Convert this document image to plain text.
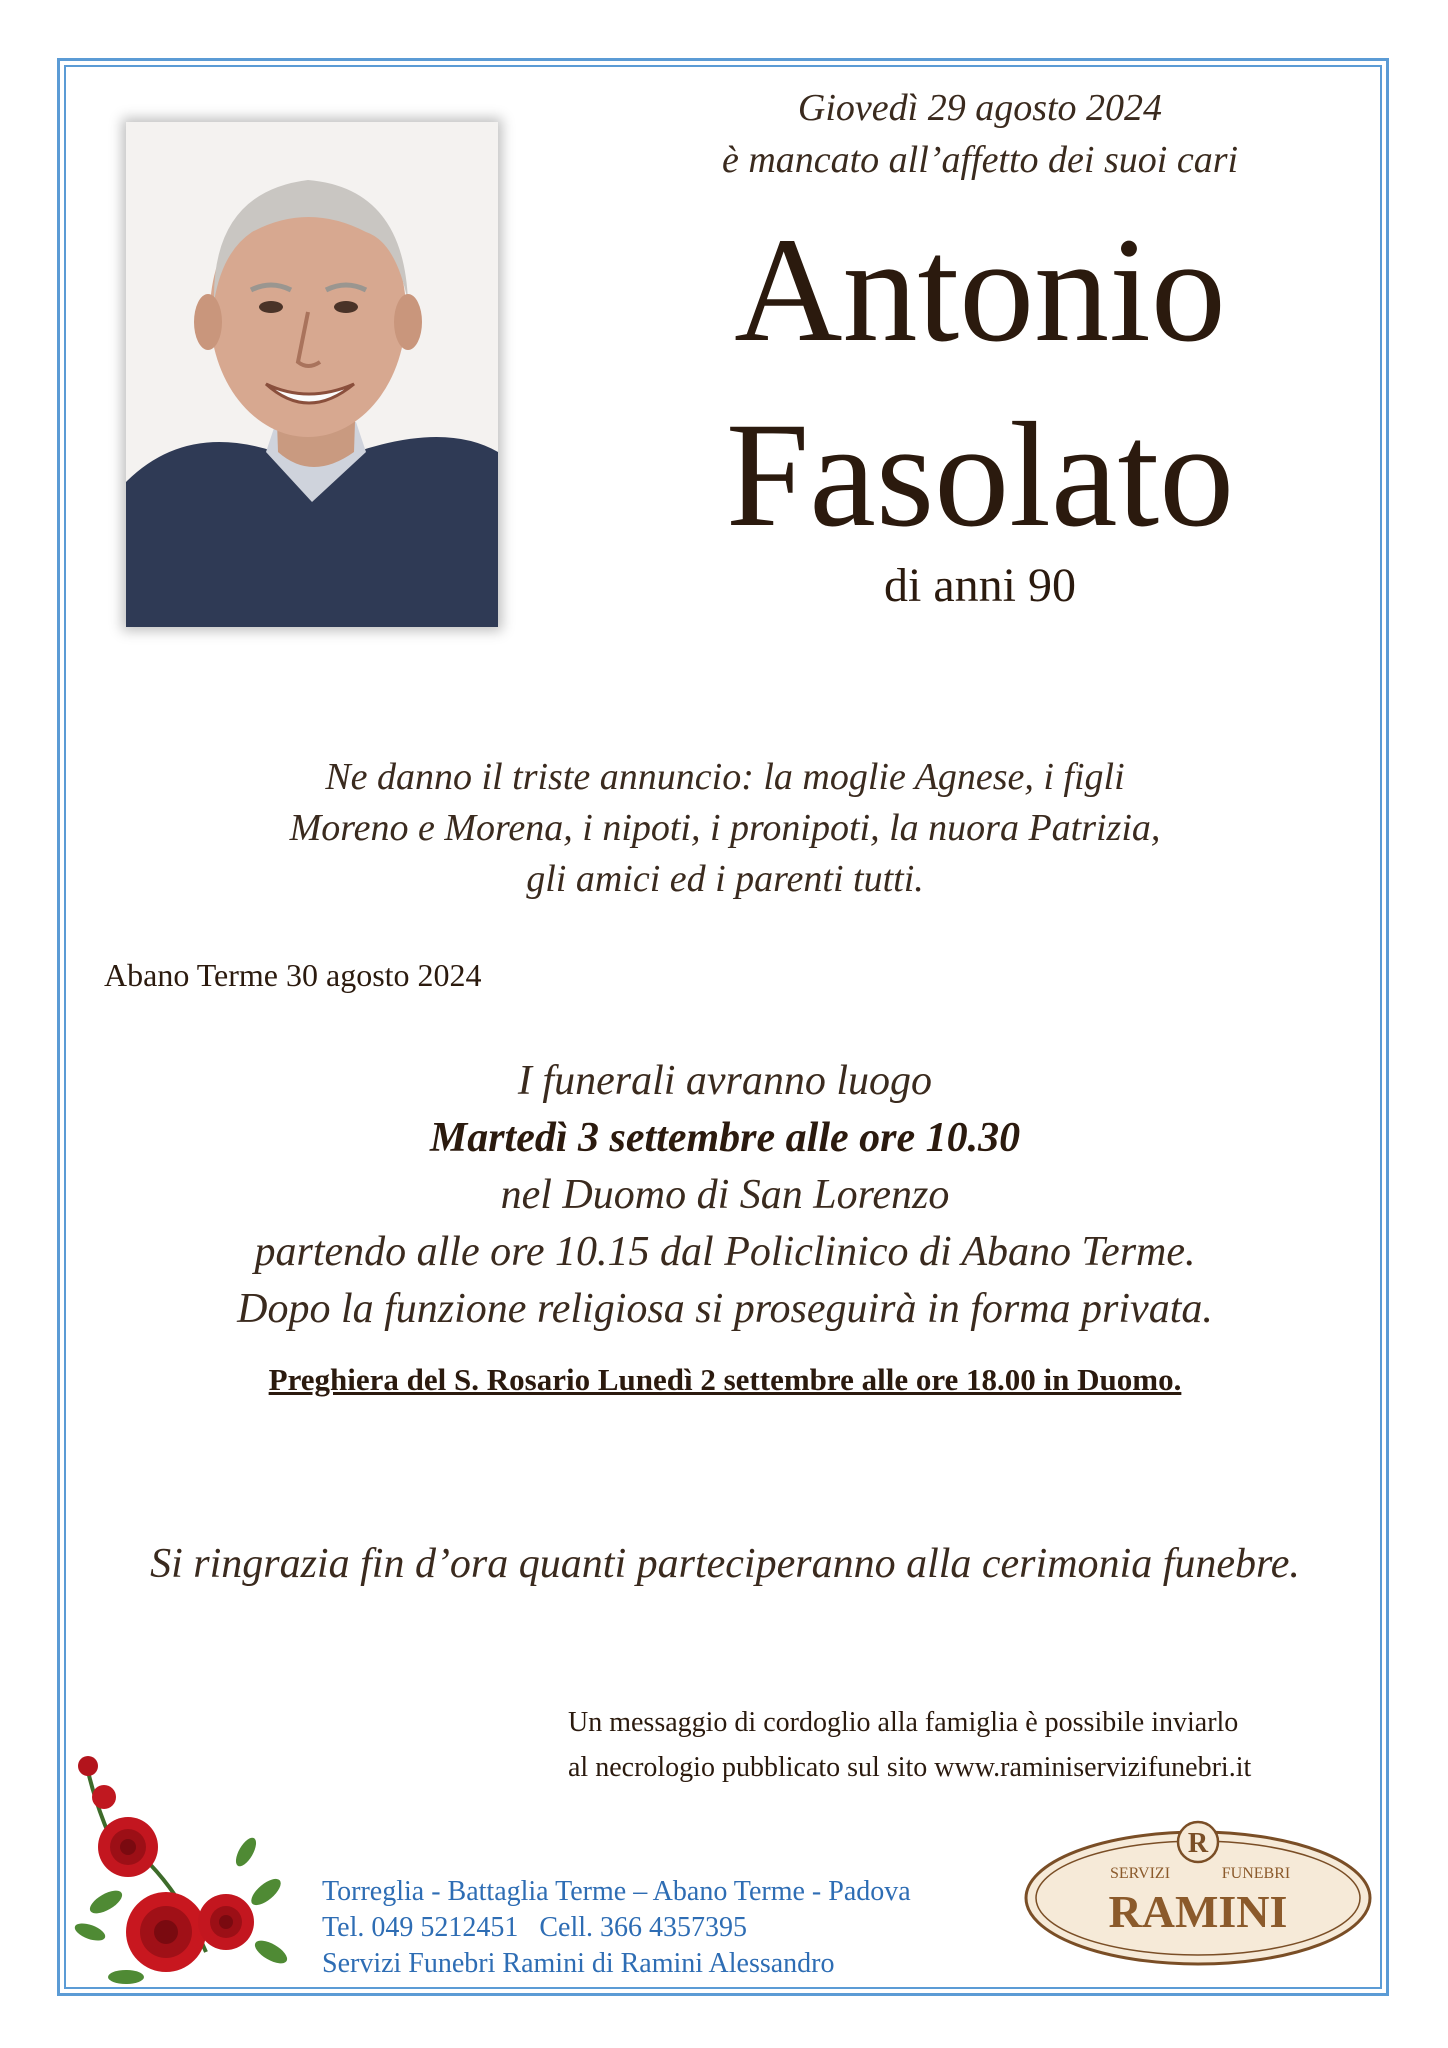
Giovedì 29 agosto 2024
è mancato all’affetto dei suoi cari
Antonio
Fasolato
di anni 90
Ne danno il triste annuncio: la moglie Agnese, i figli
Moreno e Morena, i nipoti, i pronipoti, la nuora Patrizia,
gli amici ed i parenti tutti.
Abano Terme 30 agosto 2024
I funerali avranno luogo
Martedì 3 settembre alle ore 10.30
nel Duomo di San Lorenzo
partendo alle ore 10.15 dal Policlinico di Abano Terme.
Dopo la funzione religiosa si proseguirà in forma privata.
Preghiera del S. Rosario Lunedì 2 settembre alle ore 18.00 in Duomo.
Si ringrazia fin d’ora quanti parteciperanno alla cerimonia funebre.
Un messaggio di cordoglio alla famiglia è possibile inviarlo
al necrologio pubblicato sul sito www.raminiservizifunebri.it
Torreglia - Battaglia Terme – Abano Terme - Padova
Tel. 049 5212451   Cell. 366 4357395
Servizi Funebri Ramini di Ramini Alessandro
R
SERVIZI	FUNEBRI
RAMINI
